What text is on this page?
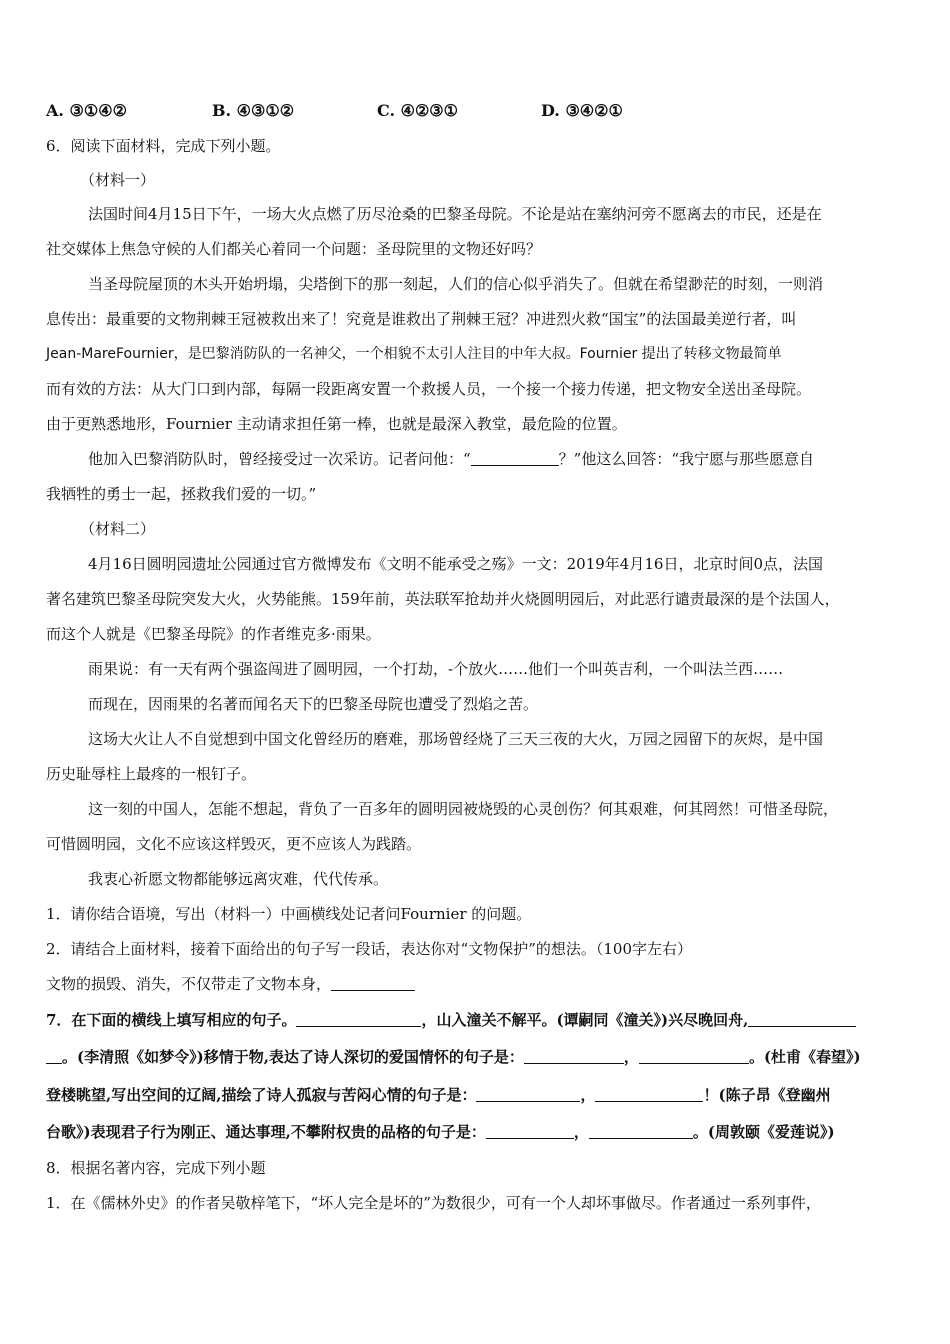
A. ③①④②	B. ④③①②	C. ④②③①	D. ③④②①
6．阅读下面材料，完成下列小题。
（材料一）
法国时间4月15日下午，一场大火点燃了历尽沧桑的巴黎圣母院。不论是站在塞纳河旁不愿离去的市民，还是在
社交媒体上焦急守候的人们都关心着同一个问题：圣母院里的文物还好吗？
当圣母院屋顶的木头开始坍塌，尖塔倒下的那一刻起，人们的信心似乎消失了。但就在希望渺茫的时刻，一则消
息传出：最重要的文物荆棘王冠被救出来了！究竟是谁救出了荆棘王冠？冲进烈火救“国宝”的法国最美逆行者，叫
Jean-MareFournier，是巴黎消防队的一名神父，一个相貌不太引人注目的中年大叔。Fournier 提出了转移文物最简单
而有效的方法：从大门口到内部，每隔一段距离安置一个救援人员，一个接一个接力传递，把文物安全送出圣母院。
由于更熟悉地形，Fournier 主动请求担任第一棒，也就是最深入教堂，最危险的位置。
他加入巴黎消防队时，曾经接受过一次采访。记者问他：“	？”他这么回答：“我宁愿与那些愿意自
我牺牲的勇士一起，拯救我们爱的一切。”
（材料二）
4月16日圆明园遗址公园通过官方微博发布《文明不能承受之殇》一文：2019年4月16日，北京时间0点，法国
著名建筑巴黎圣母院突发大火，火势能熊。159年前，英法联军抢劫并火烧圆明园后，对此恶行谴责最深的是个法国人，
而这个人就是《巴黎圣母院》的作者维克多·雨果。
雨果说：有一天有两个强盗闯进了圆明园，一个打劫，-个放火……他们一个叫英吉利，一个叫法兰西……
而现在，因雨果的名著而闻名天下的巴黎圣母院也遭受了烈焰之苦。
这场大火让人不自觉想到中国文化曾经历的磨难，那场曾经烧了三天三夜的大火，万园之园留下的灰烬，是中国
历史耻辱柱上最疼的一根钉子。
这一刻的中国人，怎能不想起，背负了一百多年的圆明园被烧毁的心灵创伤？何其艰难，何其罔然！可惜圣母院，
可惜圆明园，文化不应该这样毁灭，更不应该人为践踏。
我衷心祈愿文物都能够远离灾难，代代传承。
1．请你结合语境，写出（材料一）中画横线处记者问Fournier 的问题。
2．请结合上面材料，接着下面给出的句子写一段话，表达你对“文物保护”的想法。（100字左右）
文物的损毁、消失，不仅带走了文物本身，
7．在下面的横线上填写相应的句子。	，山入潼关不解平。(谭嗣同《潼关》)兴尽晚回舟,
。(李清照《如梦令》)移情于物,表达了诗人深切的爱国情怀的句子是：	，	。(杜甫《春望》)
登楼眺望,写出空间的辽阔,描绘了诗人孤寂与苦闷心情的句子是：	，	！(陈子昂《登幽州
台歌》)表现君子行为刚正、通达事理,不攀附权贵的品格的句子是：	，	。(周敦颐《爱莲说》)
8．根据名著内容，完成下列小题
1．在《儒林外史》的作者吴敬梓笔下，“坏人完全是坏的”为数很少，可有一个人却坏事做尽。作者通过一系列事件，
